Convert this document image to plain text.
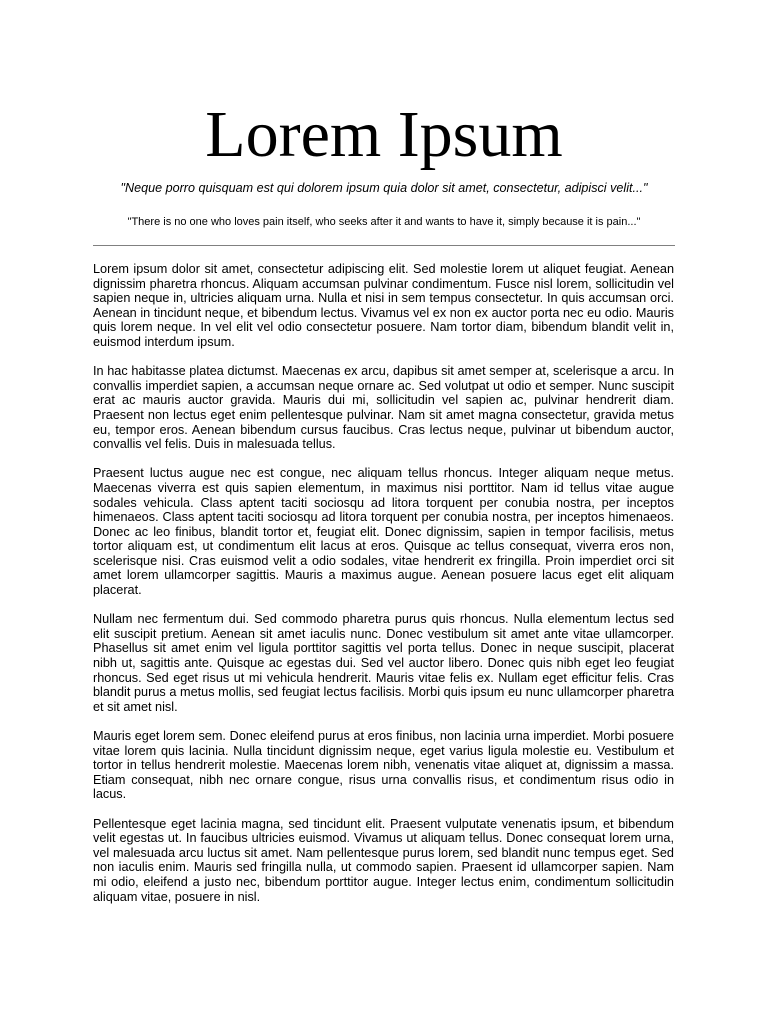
Lorem Ipsum

"Neque porro quisquam est qui dolorem ipsum quia dolor sit amet, consectetur, adipisci velit..."

"There is no one who loves pain itself, who seeks after it and wants to have it, simply because it is pain..."

Lorem ipsum dolor sit amet, consectetur adipiscing elit. Sed molestie lorem ut aliquet feugiat. Aenean dignissim pharetra rhoncus. Aliquam accumsan pulvinar condimentum. Fusce nisl lorem, sollicitudin vel sapien neque in, ultricies aliquam urna. Nulla et nisi in sem tempus consectetur. In quis accumsan orci. Aenean in tincidunt neque, et bibendum lectus. Vivamus vel ex non ex auctor porta nec eu odio. Mauris quis lorem neque. In vel elit vel odio consectetur posuere. Nam tortor diam, bibendum blandit velit in, euismod interdum ipsum.

In hac habitasse platea dictumst. Maecenas ex arcu, dapibus sit amet semper at, scelerisque a arcu. In convallis imperdiet sapien, a accumsan neque ornare ac. Sed volutpat ut odio et semper. Nunc suscipit erat ac mauris auctor gravida. Mauris dui mi, sollicitudin vel sapien ac, pulvinar hendrerit diam. Praesent non lectus eget enim pellentesque pulvinar. Nam sit amet magna consectetur, gravida metus eu, tempor eros. Aenean bibendum cursus faucibus. Cras lectus neque, pulvinar ut bibendum auctor, convallis vel felis. Duis in malesuada tellus.

Praesent luctus augue nec est congue, nec aliquam tellus rhoncus. Integer aliquam neque metus. Maecenas viverra est quis sapien elementum, in maximus nisi porttitor. Nam id tellus vitae augue sodales vehicula. Class aptent taciti sociosqu ad litora torquent per conubia nostra, per inceptos himenaeos. Class aptent taciti sociosqu ad litora torquent per conubia nostra, per inceptos himenaeos. Donec ac leo finibus, blandit tortor et, feugiat elit. Donec dignissim, sapien in tempor facilisis, metus tortor aliquam est, ut condimentum elit lacus at eros. Quisque ac tellus consequat, viverra eros non, scelerisque nisi. Cras euismod velit a odio sodales, vitae hendrerit ex fringilla. Proin imperdiet orci sit amet lorem ullamcorper sagittis. Mauris a maximus augue. Aenean posuere lacus eget elit aliquam placerat.

Nullam nec fermentum dui. Sed commodo pharetra purus quis rhoncus. Nulla elementum lectus sed elit suscipit pretium. Aenean sit amet iaculis nunc. Donec vestibulum sit amet ante vitae ullamcorper. Phasellus sit amet enim vel ligula porttitor sagittis vel porta tellus. Donec in neque suscipit, placerat nibh ut, sagittis ante. Quisque ac egestas dui. Sed vel auctor libero. Donec quis nibh eget leo feugiat rhoncus. Sed eget risus ut mi vehicula hendrerit. Mauris vitae felis ex. Nullam eget efficitur felis. Cras blandit purus a metus mollis, sed feugiat lectus facilisis. Morbi quis ipsum eu nunc ullamcorper pharetra et sit amet nisl.

Mauris eget lorem sem. Donec eleifend purus at eros finibus, non lacinia urna imperdiet. Morbi posuere vitae lorem quis lacinia. Nulla tincidunt dignissim neque, eget varius ligula molestie eu. Vestibulum et tortor in tellus hendrerit molestie. Maecenas lorem nibh, venenatis vitae aliquet at, dignissim a massa. Etiam consequat, nibh nec ornare congue, risus urna convallis risus, et condimentum risus odio in lacus.

Pellentesque eget lacinia magna, sed tincidunt elit. Praesent vulputate venenatis ipsum, et bibendum velit egestas ut. In faucibus ultricies euismod. Vivamus ut aliquam tellus. Donec consequat lorem urna, vel malesuada arcu luctus sit amet. Nam pellentesque purus lorem, sed blandit nunc tempus eget. Sed non iaculis enim. Mauris sed fringilla nulla, ut commodo sapien. Praesent id ullamcorper sapien. Nam mi odio, eleifend a justo nec, bibendum porttitor augue. Integer lectus enim, condimentum sollicitudin aliquam vitae, posuere in nisl.
